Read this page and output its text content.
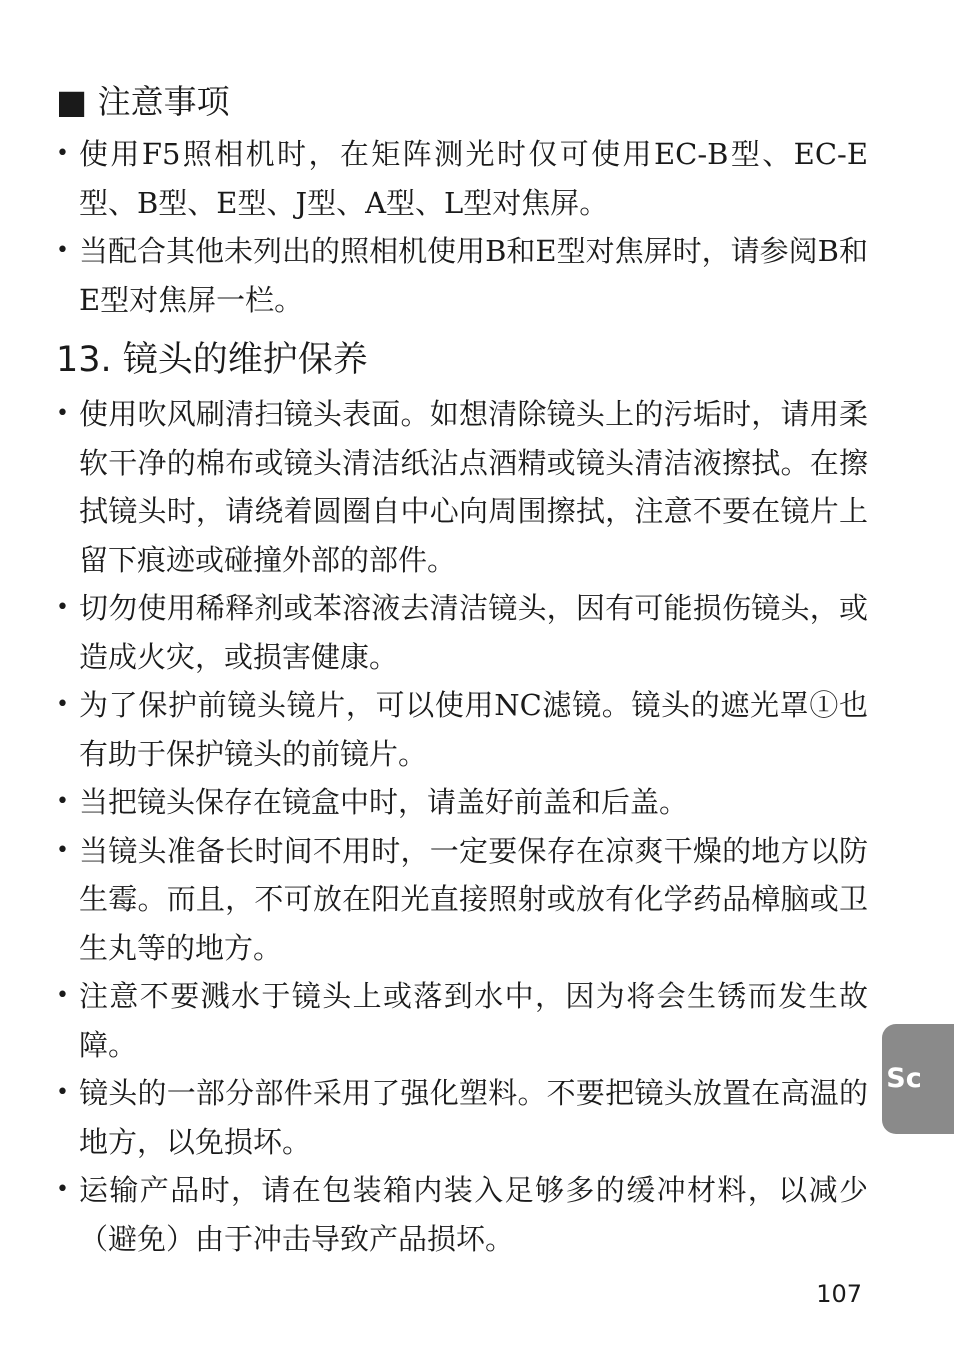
■ 注意事项
• 使用F5照相机时，在矩阵测光时仅可使用EC-B型、EC-E型、B型、E型、J型、A型、L型对焦屏。
• 当配合其他未列出的照相机使用B和E型对焦屏时，请参阅B和E型对焦屏一栏。
13. 镜头的维护保养
• 使用吹风刷清扫镜头表面。如想清除镜头上的污垢时，请用柔软干净的棉布或镜头清洁纸沾点酒精或镜头清洁液擦拭。在擦拭镜头时，请绕着圆圈自中心向周围擦拭，注意不要在镜片上留下痕迹或碰撞外部的部件。
• 切勿使用稀释剂或苯溶液去清洁镜头，因有可能损伤镜头，或造成火灾，或损害健康。
• 为了保护前镜头镜片，可以使用NC滤镜。镜头的遮光罩①也有助于保护镜头的前镜片。
• 当把镜头保存在镜盒中时，请盖好前盖和后盖。
• 当镜头准备长时间不用时，一定要保存在凉爽干燥的地方以防生霉。而且，不可放在阳光直接照射或放有化学药品樟脑或卫生丸等的地方。
• 注意不要溅水于镜头上或落到水中，因为将会生锈而发生故障。
• 镜头的一部分部件采用了强化塑料。不要把镜头放置在高温的地方，以免损坏。
• 运输产品时，请在包装箱内装入足够多的缓冲材料，以减少（避免）由于冲击导致产品损坏。
Sc
107
